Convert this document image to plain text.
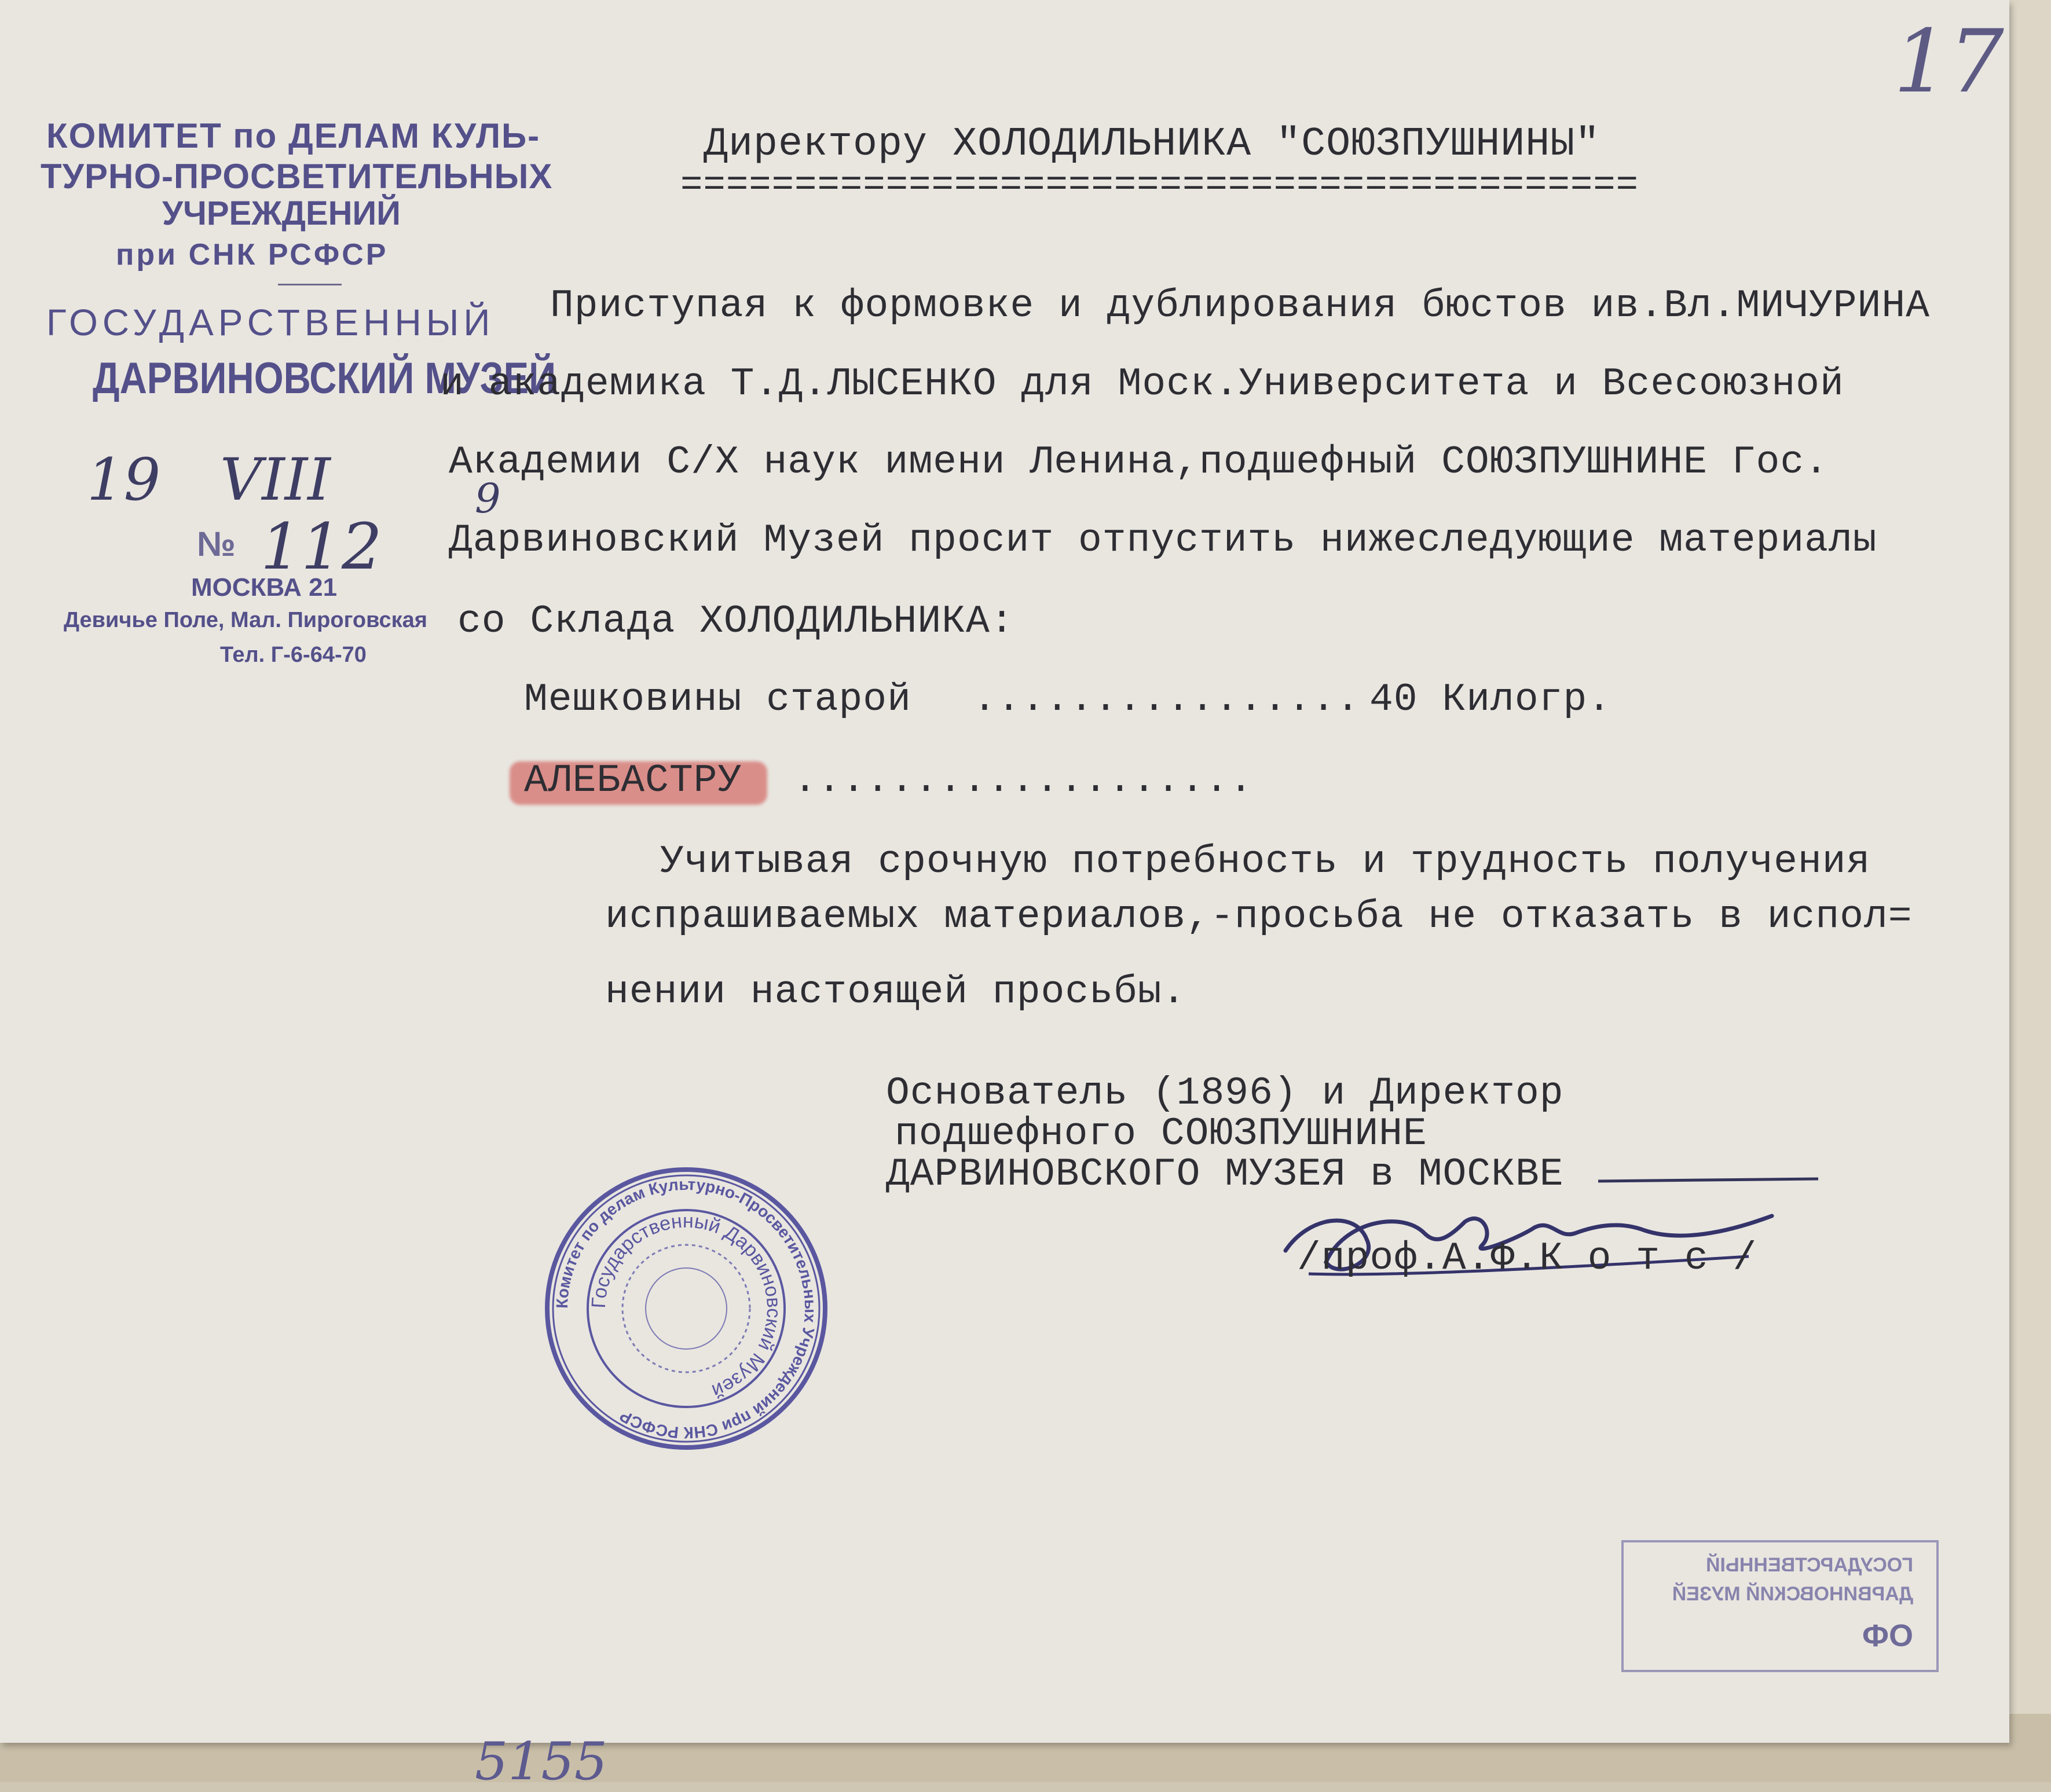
17
КОМИТЕТ по ДЕЛАМ КУЛЬ-
ТУРНО-ПРОСВЕТИТЕЛЬНЫХ
УЧРЕЖДЕНИЙ
при СНК РСФСР
ГОСУДАРСТВЕННЫЙ
ДАРВИНОВСКИЙ МУЗЕЙ
19 VIII	9
№ 112
МОСКВА 21
Девичье Поле, Мал. Пироговская
Тел. Г-6-64-70
Директору ХОЛОДИЛЬНИКА "СОЮЗПУШНИНЫ"
==========================================
Приступая к формовке и дублирования бюстов ив.Вл.МИЧУРИНА
и академика Т.Д.ЛЫСЕНКО для Моск.Университета и Всесоюзной
Академии С/Х наук имени Ленина,подшефный СОЮЗПУШНИНЕ Гос.
Дарвиновский Музей просит отпустить нижеследующие материалы
со Склада ХОЛОДИЛЬНИКА:
Мешковины старой ................ 40 Килогр.
АЛЕБАСТРУ ...................
Учитывая срочную потребность и трудность получения
испрашиваемых материалов,-просьба не отказать в испол=
нении настоящей просьбы.
Основатель (1896) и Директор
подшефного СОЮЗПУШНИНЕ
ДАРВИНОВСКОГО МУЗЕЯ в МОСКВЕ
/проф.А.Ф.К о т с /
Комитет по делам Культурно-Просветительных Учреждений при СНК РСФСР
Государственный Дарвиновский Музей
ГОСУДАРСТВЕННЫЙ
ДАРВИНОВСКИЙ МУЗЕЙ
ОФ
5155
